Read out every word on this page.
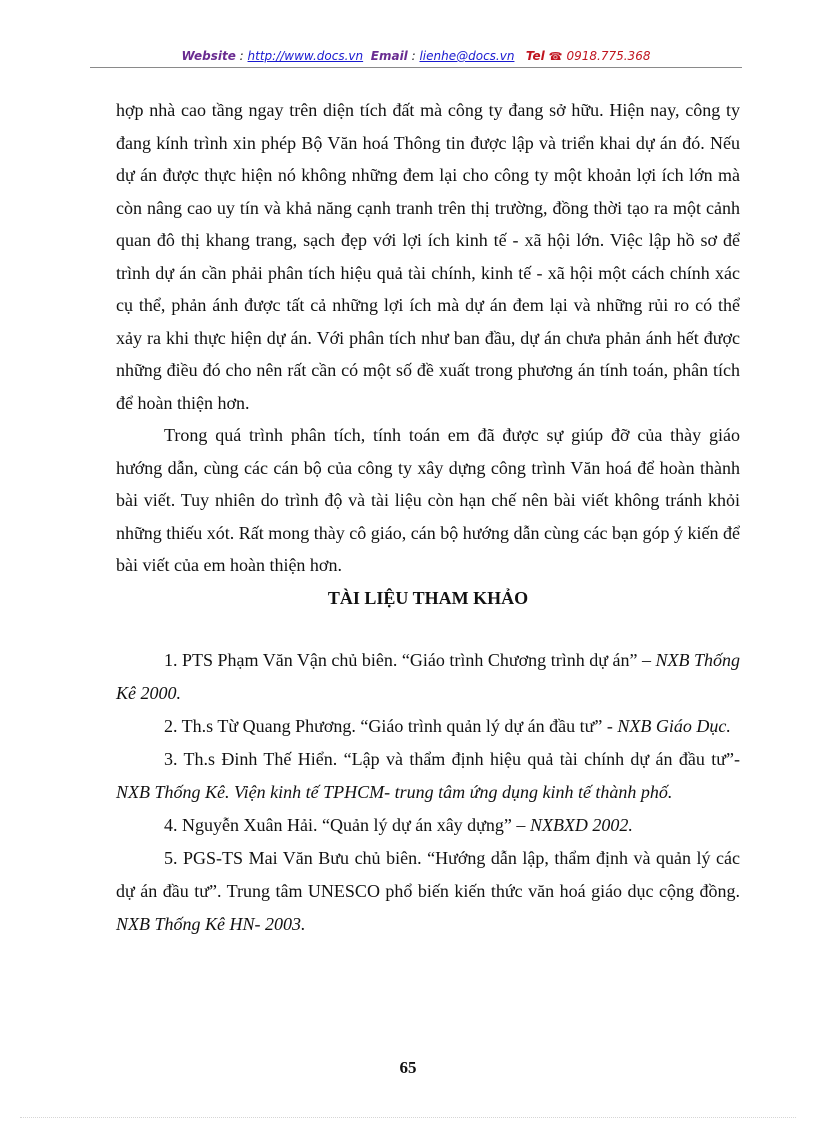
Website : http://www.docs.vn Email : lienhe@docs.vn Tel ☎: 0918.775.368

hợp nhà cao tầng ngay trên diện tích đất mà công ty đang sở hữu. Hiện nay, công ty đang kính trình xin phép Bộ Văn hoá Thông tin được lập và triển khai dự án đó. Nếu dự án được thực hiện nó không những đem lại cho công ty một khoản lợi ích lớn mà còn nâng cao uy tín và khả năng cạnh tranh trên thị trường, đồng thời tạo ra một cảnh quan đô thị khang trang, sạch đẹp với lợi ích kinh tế - xã hội lớn. Việc lập hồ sơ để trình dự án cần phải phân tích hiệu quả tài chính, kinh tế - xã hội một cách chính xác cụ thể, phản ánh được tất cả những lợi ích mà dự án đem lại và những rủi ro có thể xảy ra khi thực hiện dự án. Với phân tích như ban đầu, dự án chưa phản ánh hết được những điều đó cho nên rất cần có một số đề xuất trong phương án tính toán, phân tích để hoàn thiện hơn.

Trong quá trình phân tích, tính toán em đã được sự giúp đỡ của thày giáo hướng dẫn, cùng các cán bộ của công ty xây dựng công trình Văn hoá để hoàn thành bài viết. Tuy nhiên do trình độ và tài liệu còn hạn chế nên bài viết không tránh khỏi những thiếu xót. Rất mong thày cô giáo, cán bộ hướng dẫn cùng các bạn góp ý kiến để bài viết của em hoàn thiện hơn.

TÀI LIỆU THAM KHẢO

1. PTS Phạm Văn Vận chủ biên. “Giáo trình Chương trình dự án” – NXB Thống Kê 2000.

2. Th.s Từ Quang Phương. “Giáo trình quản lý dự án đầu tư” - NXB Giáo Dục.

3. Th.s Đinh Thế Hiển. “Lập và thẩm định hiệu quả tài chính dự án đầu tư”- NXB Thống Kê. Viện kinh tế TPHCM- trung tâm ứng dụng kinh tế thành phố.

4. Nguyễn Xuân Hải. “Quản lý dự án xây dựng” – NXBXD 2002.

5. PGS-TS Mai Văn Bưu chủ biên. “Hướng dẫn lập, thẩm định và quản lý các dự án đầu tư”. Trung tâm UNESCO phổ biến kiến thức văn hoá giáo dục cộng đồng. NXB Thống Kê HN- 2003.

65
